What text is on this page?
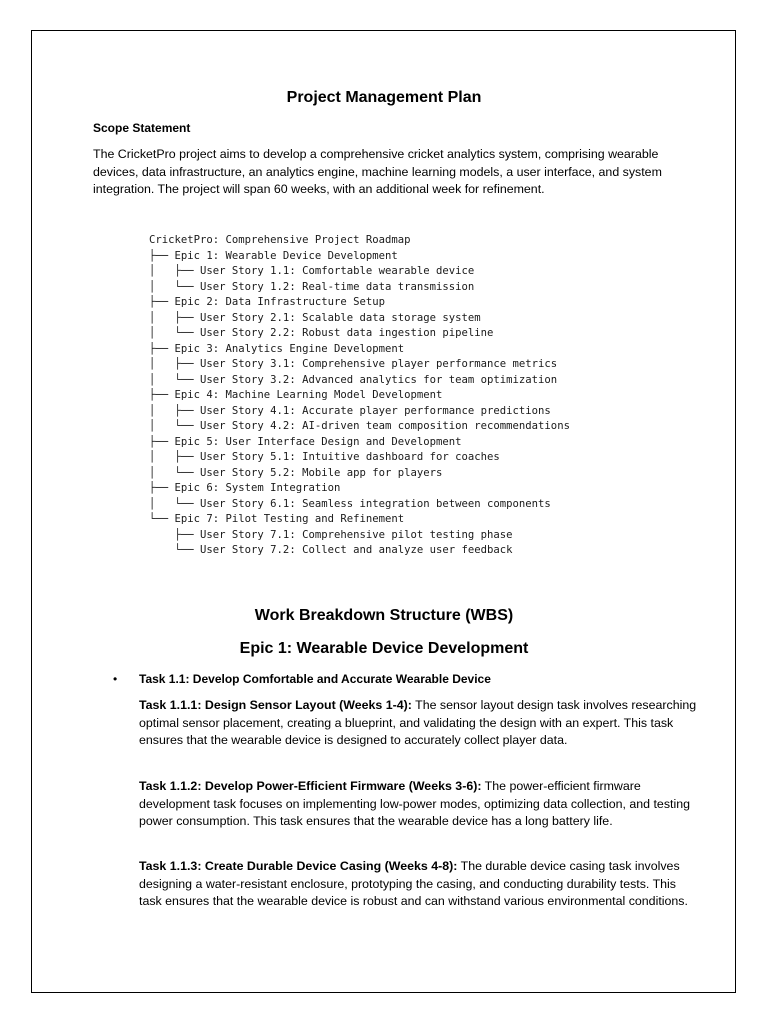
Project Management Plan
Scope Statement

The CricketPro project aims to develop a comprehensive cricket analytics system, comprising wearable devices, data infrastructure, an analytics engine, machine learning models, a user interface, and system integration. The project will span 60 weeks, with an additional week for refinement.

CricketPro: Comprehensive Project Roadmap
├── Epic 1: Wearable Device Development
│   ├── User Story 1.1: Comfortable wearable device
│   └── User Story 1.2: Real-time data transmission
├── Epic 2: Data Infrastructure Setup
│   ├── User Story 2.1: Scalable data storage system
│   └── User Story 2.2: Robust data ingestion pipeline
├── Epic 3: Analytics Engine Development
│   ├── User Story 3.1: Comprehensive player performance metrics
│   └── User Story 3.2: Advanced analytics for team optimization
├── Epic 4: Machine Learning Model Development
│   ├── User Story 4.1: Accurate player performance predictions
│   └── User Story 4.2: AI-driven team composition recommendations
├── Epic 5: User Interface Design and Development
│   ├── User Story 5.1: Intuitive dashboard for coaches
│   └── User Story 5.2: Mobile app for players
├── Epic 6: System Integration
│   └── User Story 6.1: Seamless integration between components
└── Epic 7: Pilot Testing and Refinement
├── User Story 7.1: Comprehensive pilot testing phase
└── User Story 7.2: Collect and analyze user feedback
Work Breakdown Structure (WBS)
Epic 1: Wearable Device Development
• Task 1.1: Develop Comfortable and Accurate Wearable Device

Task 1.1.1: Design Sensor Layout (Weeks 1-4): The sensor layout design task involves researching optimal sensor placement, creating a blueprint, and validating the design with an expert. This task ensures that the wearable device is designed to accurately collect player data.

Task 1.1.2: Develop Power-Efficient Firmware (Weeks 3-6): The power-efficient firmware development task focuses on implementing low-power modes, optimizing data collection, and testing power consumption. This task ensures that the wearable device has a long battery life.

Task 1.1.3: Create Durable Device Casing (Weeks 4-8): The durable device casing task involves designing a water-resistant enclosure, prototyping the casing, and conducting durability tests. This task ensures that the wearable device is robust and can withstand various environmental conditions.
